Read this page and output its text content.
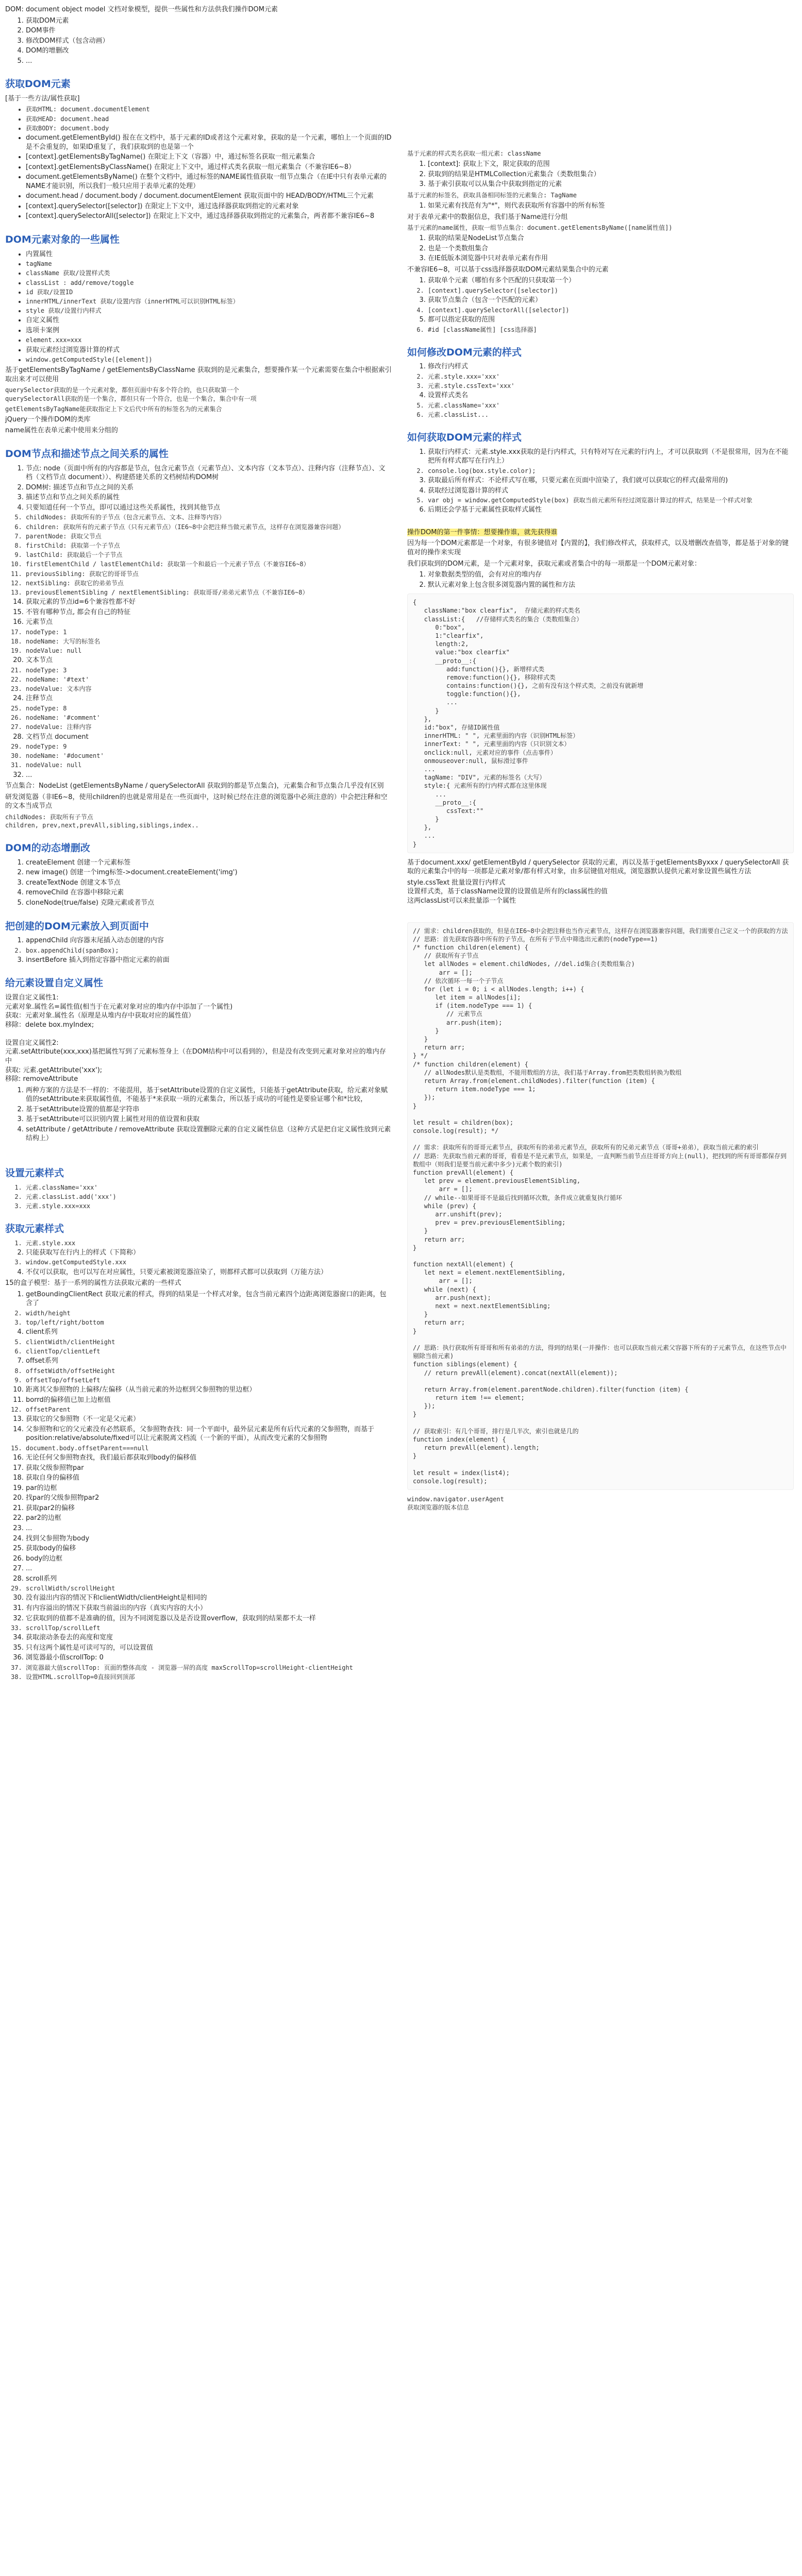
DOM: document object model 文档对象模型，提供一些属性和方法供我们操作DOM元素
1. 获取DOM元素
2. DOM事件
3. 修改DOM样式（包含动画）
4. DOM的增删改
5. ...
获取DOM元素
[基于一些方法/属性获取]
• 获取HTML: document.documentElement
• 获取HEAD: document.head
• 获取BODY: document.body
• document.getElementById() 报在在文档中，基于元素的ID或者这个元素对象，获取的是一个元素，哪怕上一个页面的ID是不会重复的，如果ID重复了，我们获取到的也是第一个
• [context].getElementsByTagName() 在限定上下文（容器）中，通过标签名获取一组元素集合
• [context].getElementsByClassName() 在限定上下文中，通过样式类名获取一组元素集合（不兼容IE6~8）
• document.getElementsByName() 在整个文档中，通过标签的NAME属性值获取一组节点集合（在IE中只有表单元素的NAME才能识别，所以我们一般只应用于表单元素的处理）
• document.head / document.body / document.documentElement 获取页面中的 HEAD/BODY/HTML三个元素
• [context].querySelector([selector]) 在限定上下文中，通过选择器获取到指定的元素对象
• [context].querySelectorAll([selector]) 在限定上下文中，通过选择器获取到指定的元素集合，两者都不兼容IE6~8
DOM元素对象的一些属性
• 内置属性
• tagName
• className 获取/设置样式类
• classList : add/remove/toggle
• id 获取/设置ID
• innerHTML/innerText 获取/设置内容（innerHTML可以识别HTML标签）
• style 获取/设置行内样式
• 自定义属性
• 选项卡案例
• element.xxx=xxx
• 获取元素经过浏览器计算的样式
• window.getComputedStyle([element])
基于getElementsByTagName / getElementsByClassName 获取到的是元素集合，想要操作某一个元素需要在集合中根据索引取出来才可以使用
querySelector获取的是一个元素对象，都但页面中有多个符合的，也只获取第一个
querySelectorAll获取的是一个集合，都但只有一个符合，也是一个集合，集合中有一项
getElementsByTagName能获取指定上下文后代中所有的标签名为的元素集合
jQuery一个操作DOM的类库
name属性在表单元素中使用来分组的
DOM节点和描述节点之间关系的属性
1. 节点: node（页面中所有的内容都是节点，包含元素节点（元素节点）、文本内容（文本节点）、注释内容（注释节点）、文档（文档节点 document））、构建搭建关系的文档树结构DOM树
2. DOM树: 描述节点和节点之间的关系
3. 描述节点和节点之间关系的属性
4. 只要知道任何一个节点，即可以通过这些关系属性，找到其他节点
5. childNodes: 获取所有的子节点（包含元素节点、文本、注释等内容）
6. children: 获取所有的元素子节点（只有元素节点）（IE6~8中会把注释当做元素节点，这样存在浏览器兼容问题）
7. parentNode: 获取父节点
8. firstChild: 获取第一个子节点
9. lastChild: 获取最后一个子节点
10. firstElementChild / lastElementChild: 获取第一个和最后一个元素子节点（不兼容IE6~8）
11. previousSibling: 获取它的哥哥节点
12. nextSibling: 获取它的弟弟节点
13. previousElementSibling / nextElementSibling: 获取哥哥/弟弟元素节点（不兼容IE6~8）
14. 获取元素的节点id=6个兼容性都不好
15. 不管有哪种节点, 都会有自己的特征
16. 元素节点
17. nodeType: 1
18. nodeName: 大写的标签名
19. nodeValue: null
20. 文本节点
21. nodeType: 3
22. nodeName: '#text'
23. nodeValue: 文本内容
24. 注释节点
25. nodeType: 8
26. nodeName: '#comment'
27. nodeValue: 注释内容
28. 文档节点 document
29. nodeType: 9
30. nodeName: '#document'
31. nodeValue: null
32. ...
节点集合：NodeList (getElementsByName / querySelectorAll 获取到的都是节点集合)，元素集合和节点集合几乎没有区别
研发浏览器（非IE6~8，使用children的也就是常用是在一些页面中，这时候已经在注意的浏览器中必须注意的）中会把注释和空的文本当成节点
childNodes: 获取所有子节点
children, prev,next,prevAll,sibling,siblings,index..
DOM的动态增删改
1. createElement 创建一个元素标签
2. new image() 创建一个img标签->document.createElement('img')
3. createTextNode 创建文本节点
4. removeChild 在容器中移除元素
5. cloneNode(true/false) 克隆元素或者节点
把创建的DOM元素放入到页面中
1. appendChild 向容器末尾插入动态创建的内容
2. box.appendChild(spanBox);
3. insertBefore 插入到指定容器中指定元素的前面
给元素设置自定义属性
设置自定义属性1:
元素对象.属性名=属性值(相当于在元素对象对应的堆内存中添加了一个属性)
获取：元素对象.属性名（原理是从堆内存中获取对应的属性值）
移除：delete box.myIndex;

设置自定义属性2:
元素.setAttribute(xxx,xxx)基把属性写到了元素标签身上（在DOM结构中可以看到的），但是没有改变到元素对象对应的堆内存中
获取: 元素.getAttribute('xxx');
移除: removeAttribute
1. 两种方案的方法是不一样的：不能混用，基于setAttribute设置的自定义属性，只能基于getAttribute获取，给元素对象赋值的setAttribute来获取属性值，不能基于*来获取一项的元素集合，所以基于成功的可能性是要验证哪个和*比较，
2. 基于setAttribute设置的值都是字符串
3. 基于setAttribute可以识别内置上属性对用的值设置和获取
4. setAttribute / getAttribute / removeAttribute 获取设置删除元素的自定义属性信息（这种方式是把自定义属性放到元素结构上）
设置元素样式
1. 元素.className='xxx'
2. 元素.classList.add('xxx')
3. 元素.style.xxx=xxx
获取元素样式
1. 元素.style.xxx
2. 只能获取写在行内上的样式（下简称）
3. window.getComputedStyle.xxx
4. 不仅可以获取，也可以写在对应属性，只要元素被浏览器渲染了，则都样式都可以获取到（万能方法）
15的盒子模型：基于一系列的属性方法获取元素的一些样式
1. getBoundingClientRect 获取元素的样式，得到的结果是一个样式对象，包含当前元素四个边距离浏览器窗口的距离，包含了
2. width/height
3. top/left/right/bottom
4. client系列
5. clientWidth/clientHeight
6. clientTop/clientLeft
7. offset系列
8. offsetWidth/offsetHeight
9. offsetTop/offsetLeft
10. 距离其父参照物的上偏移/左偏移（从当前元素的外边框到父参照物的里边框）
11. borrd的偏移值已加上边框值
12. offsetParent
13. 获取它的父参照物（不一定是父元素）
14. 父参照物和它的父元素没有必然联系，父参照物查找：同一个平面中，最外层元素是所有后代元素的父参照物，而基于position:relative/absolute/fixed可以让元素脱离文档流（一个新的平面），从而改变元素的父参照物
15. document.body.offsetParent===null
16. 无论任何父参照物查找，我们最后都获取到body的偏移值
17. 获取父级参照物par
18. 获取自身的偏移值
19. par的边框
20. 找par的父级参照物par2
21. 获取par2的偏移
22. par2的边框
23. ...
24. 找到父参照物为body
25. 获取body的偏移
26. body的边框
27. ...
28. scroll系列
29. scrollWidth/scrollHeight
30. 没有溢出内容的情况下和clientWidth/clientHeight是相同的
31. 有内容溢出的情况下获取当前溢出的内容（真实内容的大小）
32. 它获取到的值都不是准确的值，因为不同浏览器以及是否设置overflow，获取到的结果都不太一样
33. scrollTop/scrollLeft
34. 获取滚动条卷去的高度和宽度
35. 只有这两个属性是可读可写的，可以设置值
36. 浏览器最小值scrollTop: 0
37. 浏览器最大值scrollTop: 页面的整体高度 - 浏览器一屏的高度 maxScrollTop=scrollHeight-clientHeight
38. 设置HTML.scrollTop=0直接回到顶部
基于元素的样式类名获取一组元素: className
1. [context]: 获取上下文，限定获取的范围
2. 获取到的结果是HTMLCollection元素集合（类数组集合）
3. 基于索引获取可以从集合中获取到指定的元素
基于元素的标签名，获取具备相同标签的元素集合: TagName
1. 如果元素有找范有为"*"，则代表获取所有容器中的所有标签
对于表单元素中的数据信息，我们基于Name进行分组
基于元素的name属性，获取一组节点集合：document.getElementsByName([name属性值])
1. 获取的结果是NodeList节点集合
2. 也是一个类数组集合
3. 在IE低版本浏览器中只对表单元素有作用
不兼容IE6~8，可以基于css选择器获取DOM元素结果集合中的元素
1. 获取单个元素（哪怕有多个匹配的只获取第一个）
2. [context].querySelector([selector])
3. 获取节点集合（包含一个匹配的元素）
4. [context].querySelectorAll([selector])
5. 都可以指定获取的范围
6. #id [className属性] [css选择器]
如何修改DOM元素的样式
1. 修改行内样式
2. 元素.style.xxx='xxx'
3. 元素.style.cssText='xxx'
4. 设置样式类名
5. 元素.className='xxx'
6. 元素.classList...
如何获取DOM元素的样式
1. 获取行内样式：元素.style.xxx获取的是行内样式，只有特对写在元素的行内上，才可以获取到（不是很常用，因为在不能把所有样式都写在行内上）
2. console.log(box.style.color);
3. 获取最后所有样式：不论样式写在哪，只要元素在页面中渲染了，我们就可以获取它的样式(最常用的)
4. 获取经过浏览器计算的样式
5. var obj = window.getComputedStyle(box) 获取当前元素所有经过浏览器计算过的样式，结果是一个样式对象
6. 后期还会学基于元素属性获取样式属性
操作DOM的第一件事情：想要操作谁，就先获得谁
因为每一个DOM元素都是一个对象，有很多键值对【内置的】，我们修改样式，获取样式，以及增删改查值等，都是基于对象的键值对的操作来实现
我们获取到的DOM元素，是一个元素对象，获取元素或者集合中的每一项都是一个DOM元素对象：
1. 对象数据类型的值，会有对应的堆内存
2. 默认元素对象上包含很多浏览器内置的属性和方法
{
className:"box clearfix",  存储元素的样式类名
classList:{   //存储样式类名的集合（类数组集合）
0:"box",
1:"clearfix",
length:2,
value:"box clearfix"
__proto__:{
add:function(){}, 新增样式类
remove:function(){}, 移除样式类
contains:function(){}, 之前有没有这个样式类，之前没有就新增
toggle:function(){},
...
}
},
id:"box", 存储ID属性值
innerHTML: " ", 元素里面的内容（识别HTML标签）
innerText: " ", 元素里面的内容（只识别文本）
onclick:null, 元素对应的事件（点击事件）
onmouseover:null, 鼠标滑过事件
...
tagName: "DIV", 元素的标签名（大写）
style:{ 元素所有的行内样式都在这里体现
...
__proto__:{
cssText:""
}
},
...
}
基于document.xxx/ getElementById / querySelector 获取的元素，再以及基于getElementsByxxx / querySelectorAll 获取的元素集合中的每一项都是元素对象/都有样式对象，由多层键值对组成，浏览器默认提供元素对象设置些属性方法
style.cssText 批量设置行内样式
设置样式类，基于className设置的设置值是所有的class属性的值
这两classList可以来批量添一个属性
// 需求：children获取的，但是在IE6~8中会把注释也当作元素节点，这样存在浏览器兼容问题，我们需要自己定义一个的获取的方法
// 思路：首先获取容器中所有的子节点，在所有子节点中筛选出元素的(nodeType==1)
/* function children(element) {
// 获取所有子节点
let allNodes = element.childNodes, //del.id集合(类数组集合)
arr = [];
// 依次循环一每一个子节点
for (let i = 0; i < allNodes.length; i++) {
let item = allNodes[i];
if (item.nodeType === 1) {
// 元素节点
arr.push(item);
}
}
return arr;
} */
/* function children(element) {
// allNodes默认是类数组，不能用数组的方法，我们基于Array.from把类数组转换为数组
return Array.from(element.childNodes).filter(function (item) {
return item.nodeType === 1;
});
}

let result = children(box);
console.log(result); */

// 需求：获取所有的哥哥元素节点，获取所有的弟弟元素节点，获取所有的兄弟元素节点（哥哥+弟弟），获取当前元素的索引
// 思路：先获取当前元素的哥哥，看看是不是元素节点，如果是，一直判断当前节点往哥哥方向上(null)，把找到的所有哥哥都保存到数组中（则我们是要当前元素中多少)元素个数的索引)
function prevAll(element) {
let prev = element.previousElementSibling,
arr = [];
// while--如果哥哥不是最后找到循环次数，条件成立就重复执行循环
while (prev) {
arr.unshift(prev);
prev = prev.previousElementSibling;
}
return arr;
}

function nextAll(element) {
let next = element.nextElementSibling,
arr = [];
while (next) {
arr.push(next);
next = next.nextElementSibling;
}
return arr;
}

// 思路：执行获取所有哥哥和所有弟弟的方法，得到的结果(一并操作：也可以获取当前元素父容器下所有的子元素节点，在这些节点中剔除当前元素)
function siblings(element) {
// return prevAll(element).concat(nextAll(element));

return Array.from(element.parentNode.children).filter(function (item) {
return item !== element;
});
}

// 获取索引：有几个哥哥，排行是几半次，索引也就是几的
function index(element) {
return prevAll(element).length;
}

let result = index(list4);
console.log(result);
window.navigator.userAgent
获取浏览器的版本信息
